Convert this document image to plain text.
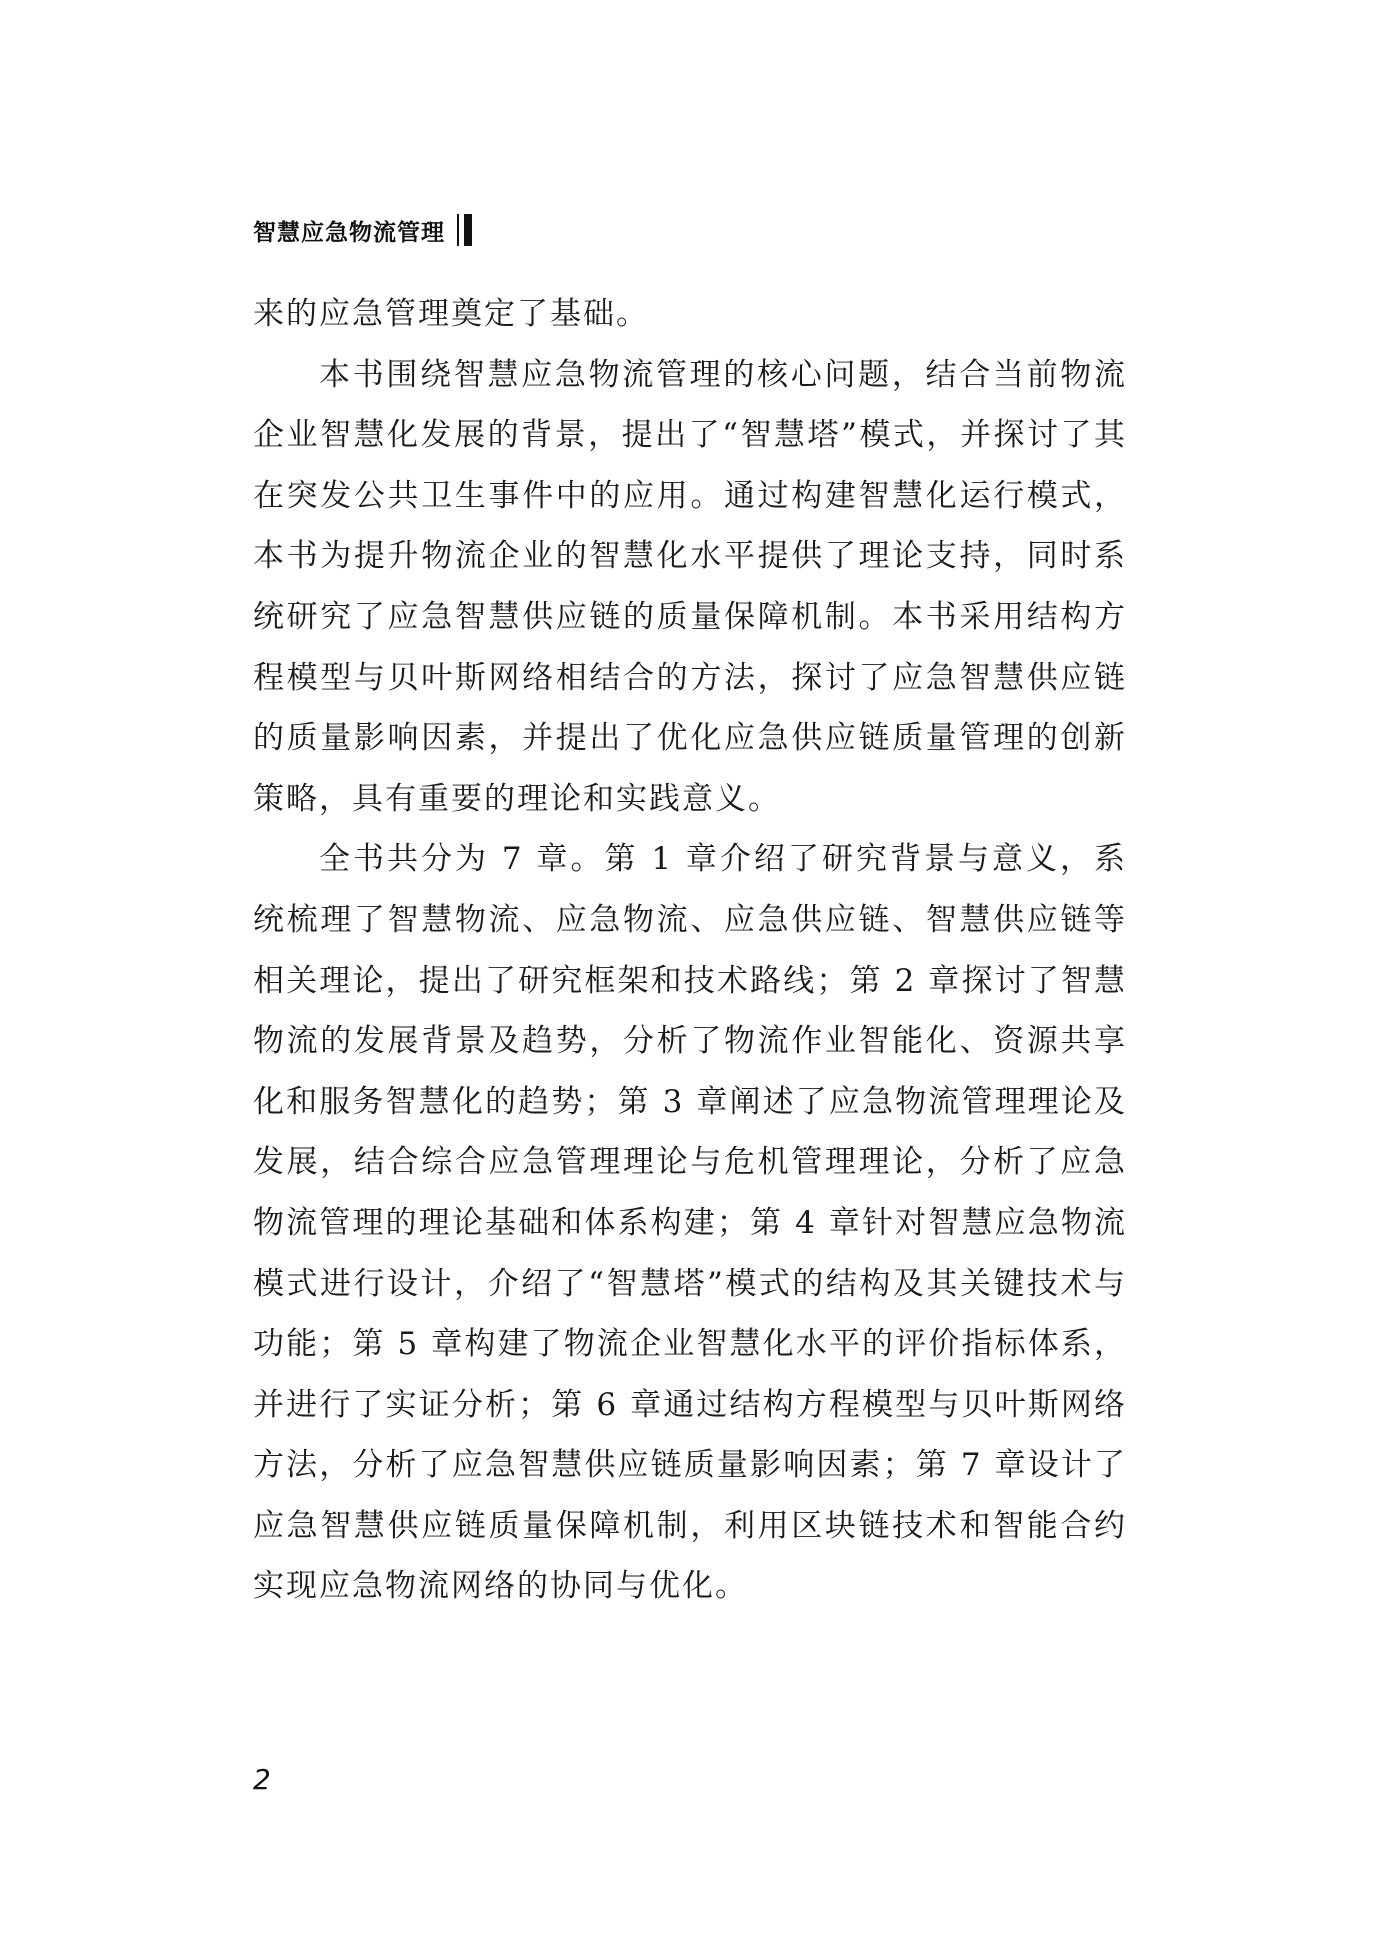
智慧应急物流管理

来的应急管理奠定了基础。

本书围绕智慧应急物流管理的核心问题，结合当前物流企业智慧化发展的背景，提出了“智慧塔”模式，并探讨了其在突发公共卫生事件中的应用。通过构建智慧化运行模式，本书为提升物流企业的智慧化水平提供了理论支持，同时系统研究了应急智慧供应链的质量保障机制。本书采用结构方程模型与贝叶斯网络相结合的方法，探讨了应急智慧供应链的质量影响因素，并提出了优化应急供应链质量管理的创新策略，具有重要的理论和实践意义。

全书共分为 7 章。第 1 章介绍了研究背景与意义，系统梳理了智慧物流、应急物流、应急供应链、智慧供应链等相关理论，提出了研究框架和技术路线；第 2 章探讨了智慧物流的发展背景及趋势，分析了物流作业智能化、资源共享化和服务智慧化的趋势；第 3 章阐述了应急物流管理理论及发展，结合综合应急管理理论与危机管理理论，分析了应急物流管理的理论基础和体系构建；第 4 章针对智慧应急物流模式进行设计，介绍了“智慧塔”模式的结构及其关键技术与功能；第 5 章构建了物流企业智慧化水平的评价指标体系，并进行了实证分析；第 6 章通过结构方程模型与贝叶斯网络方法，分析了应急智慧供应链质量影响因素；第 7 章设计了应急智慧供应链质量保障机制，利用区块链技术和智能合约实现应急物流网络的协同与优化。

2
